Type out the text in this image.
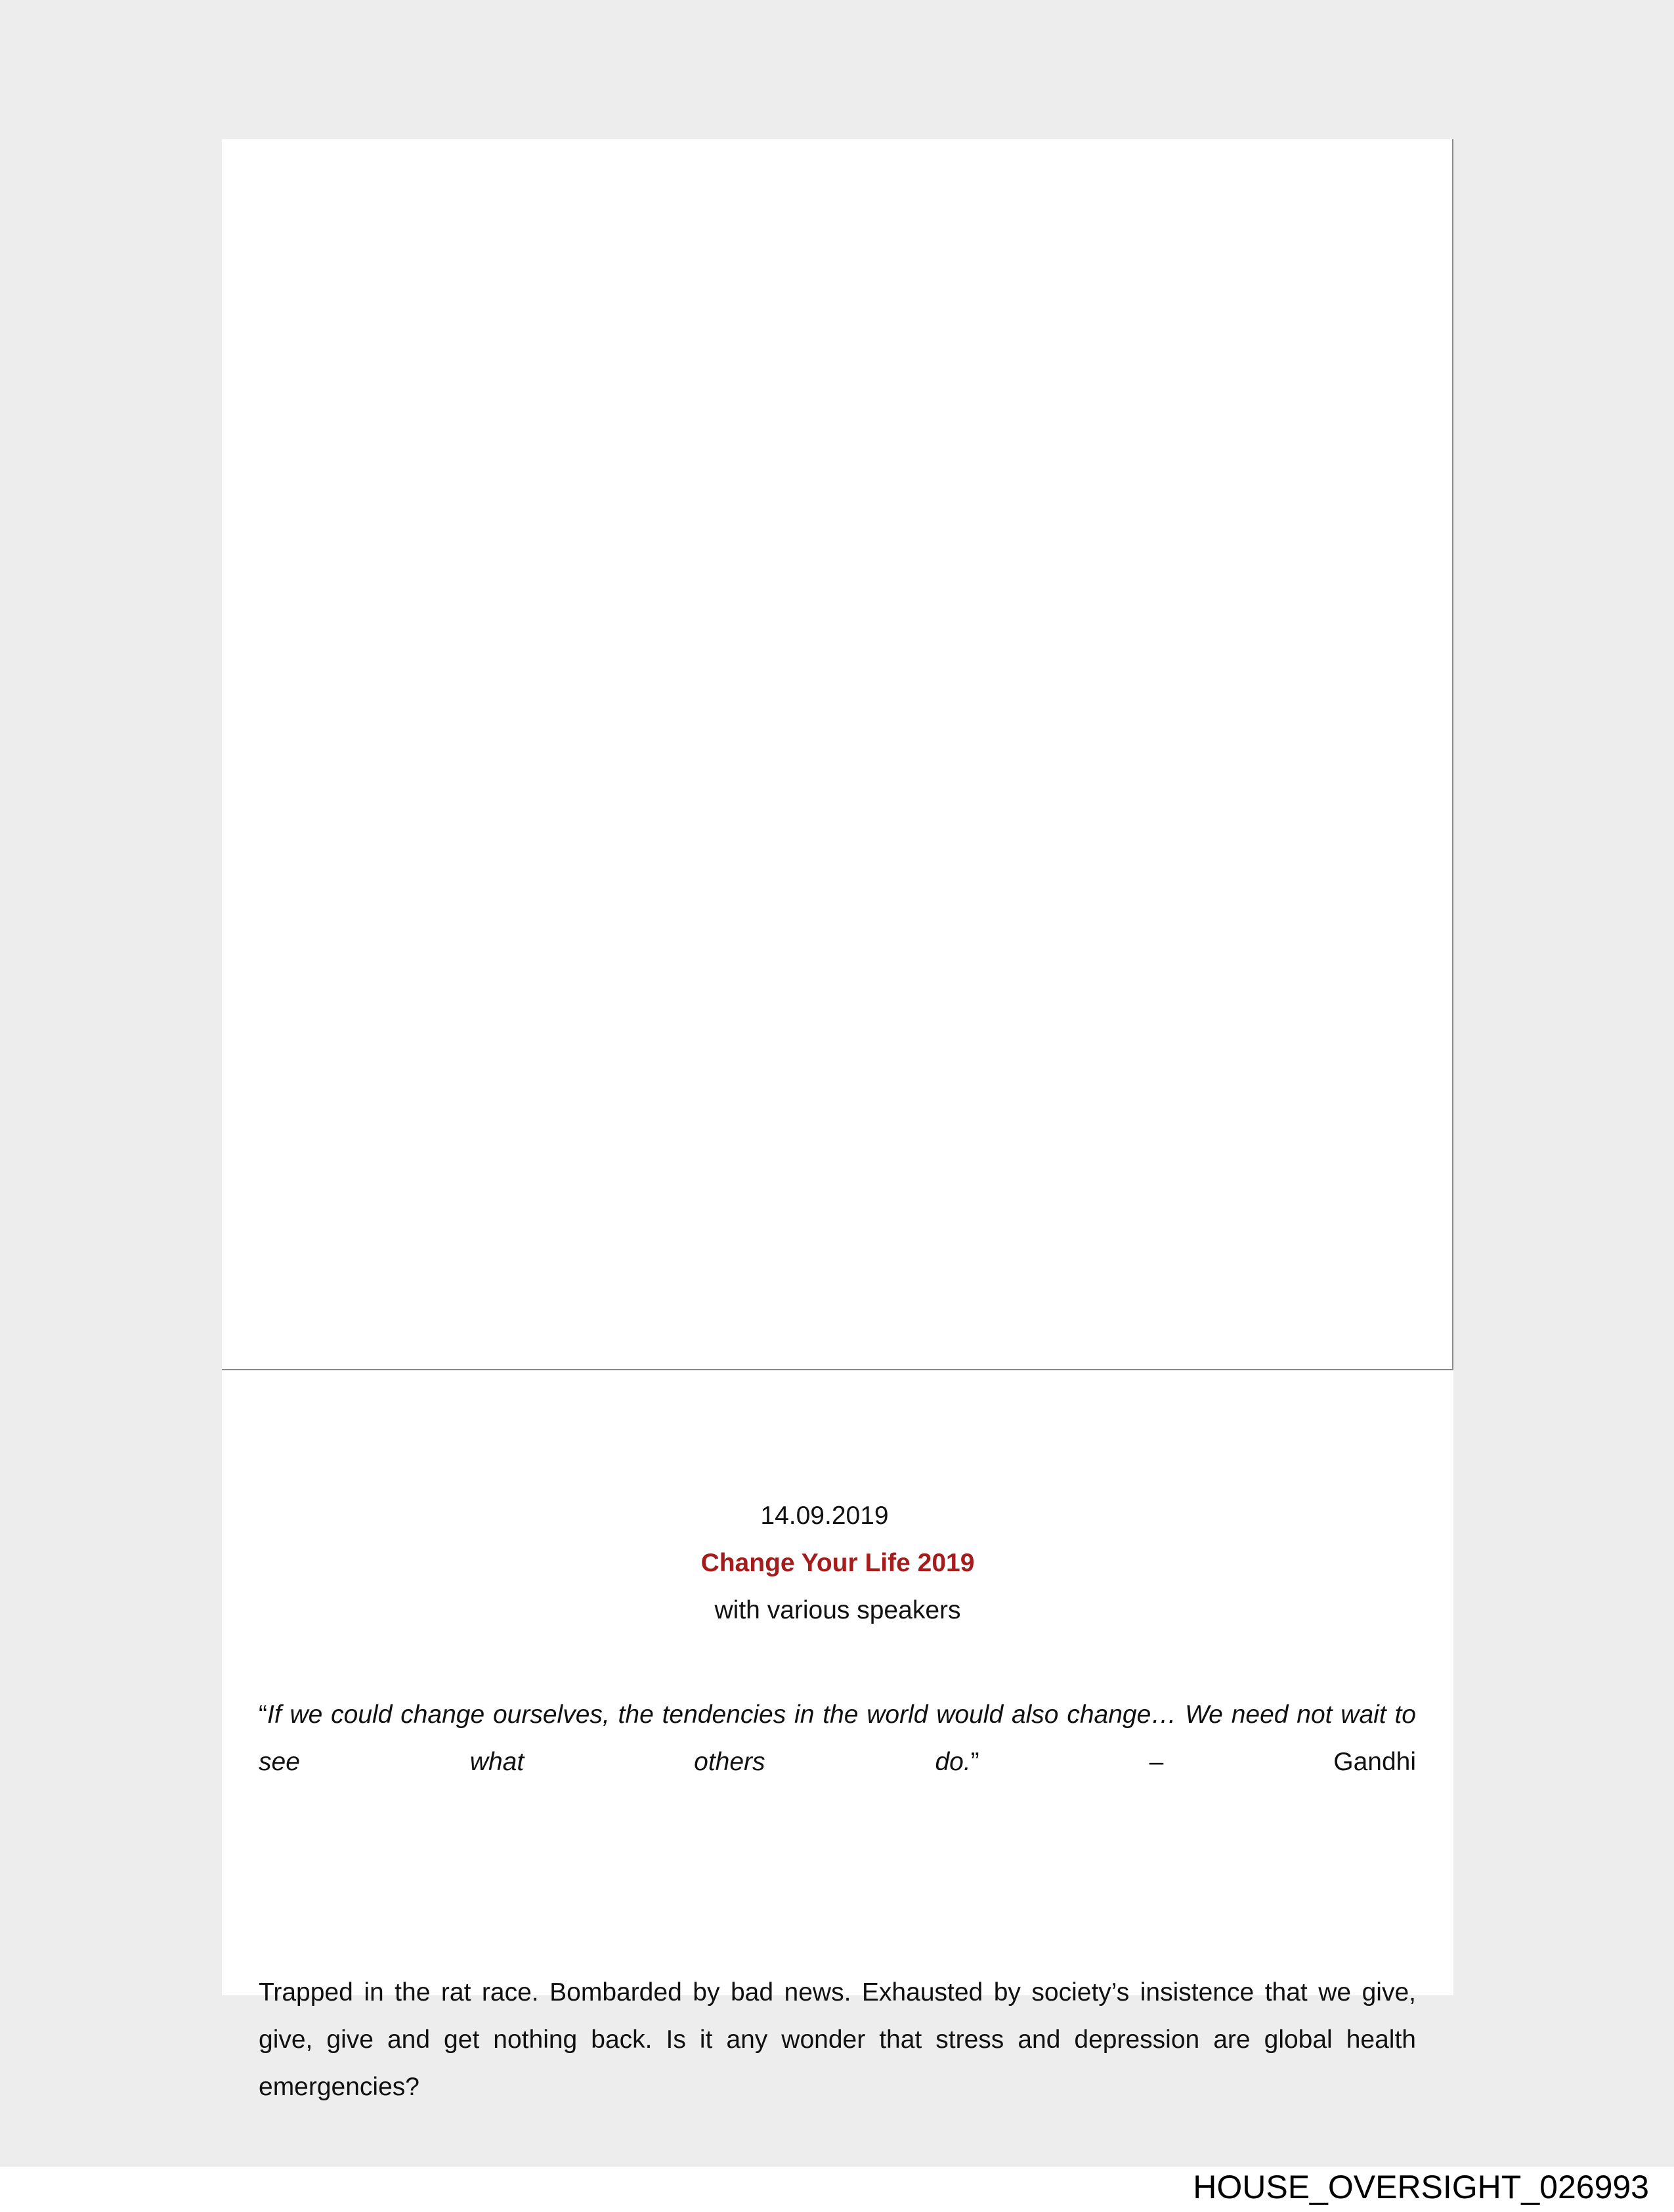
14.09.2019
Change Your Life 2019
with various speakers
“If we could change ourselves, the tendencies in the world would also change… We need not wait to see what others do.”	– Gandhi
Trapped in the rat race. Bombarded by bad news. Exhausted by society’s insistence that we give, give, give and get nothing back. Is it any wonder that stress and depression are global health emergencies?
HOUSE_OVERSIGHT_026993
